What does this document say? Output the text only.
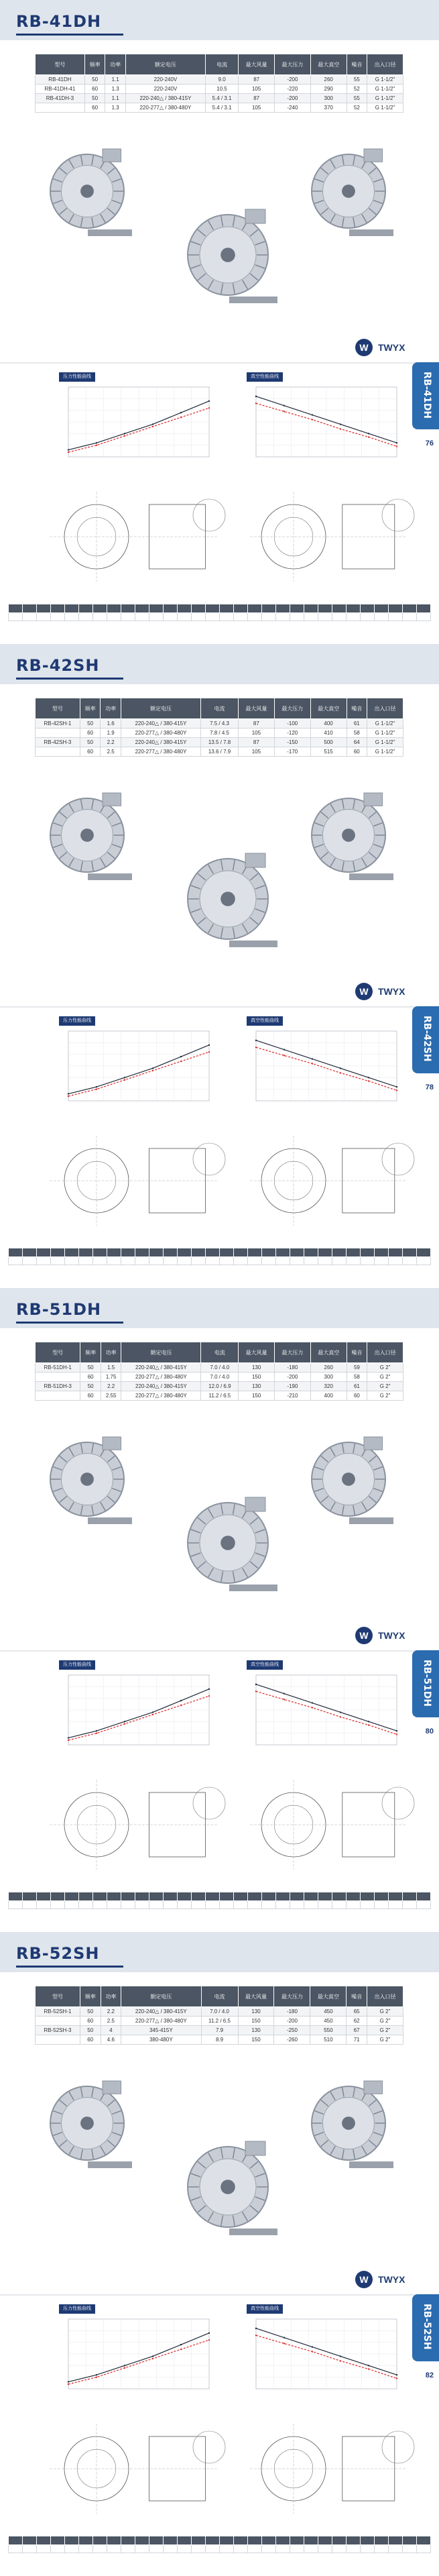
RB-41DH
型号	频率	功率	额定电压	电流	最大风量	最大压力	最大真空	噪音	出入口径
RB-41DH	50	1.1	220-240V	9.0	87	-200	260	55	G 1-1/2"
RB-41DH-41	60	1.3	220-240V	10.5	105	-220	290	52	G 1-1/2"
RB-41DH-3	50	1.1	220-240△ / 380-415Y	5.4 / 3.1	87	-200	300	55	G 1-1/2"
	60	1.3	220-277△ / 380-480Y	5.4 / 3.1	105	-240	370	52	G 1-1/2"
W	TWYX
压力性能曲线	真空性能曲线	RB-41DH
76

RB-42SH
型号	频率	功率	额定电压	电流	最大风量	最大压力	最大真空	噪音	出入口径
RB-42SH-1	50	1.6	220-240△ / 380-415Y	7.5 / 4.3	87	-100	400	61	G 1-1/2"
	60	1.9	220-277△ / 380-480Y	7.8 / 4.5	105	-120	410	58	G 1-1/2"
RB-42SH-3	50	2.2	220-240△ / 380-415Y	13.5 / 7.8	87	-150	500	64	G 1-1/2"
	60	2.5	220-277△ / 380-480Y	13.6 / 7.9	105	-170	515	60	G 1-1/2"
W	TWYX
压力性能曲线	真空性能曲线	RB-42SH
78

RB-51DH
型号	频率	功率	额定电压	电流	最大风量	最大压力	最大真空	噪音	出入口径
RB-51DH-1	50	1.5	220-240△ / 380-415Y	7.0 / 4.0	130	-180	260	59	G 2"
	60	1.75	220-277△ / 380-480Y	7.0 / 4.0	150	-200	300	58	G 2"
RB-51DH-3	50	2.2	220-240△ / 380-415Y	12.0 / 6.9	130	-190	320	61	G 2"
	60	2.55	220-277△ / 380-480Y	11.2 / 6.5	150	-210	400	60	G 2"
W	TWYX
压力性能曲线	真空性能曲线	RB-51DH
80

RB-52SH
型号	频率	功率	额定电压	电流	最大风量	最大压力	最大真空	噪音	出入口径
RB-52SH-1	50	2.2	220-240△ / 380-415Y	7.0 / 4.0	130	-180	450	65	G 2"
	60	2.5	220-277△ / 380-480Y	11.2 / 6.5	150	-200	450	62	G 2"
RB-52SH-3	50	4	345-415Y	7.9	130	-250	550	67	G 2"
	60	4.6	380-480Y	8.9	150	-260	510	71	G 2"
W	TWYX
压力性能曲线	真空性能曲线	RB-52SH
82
